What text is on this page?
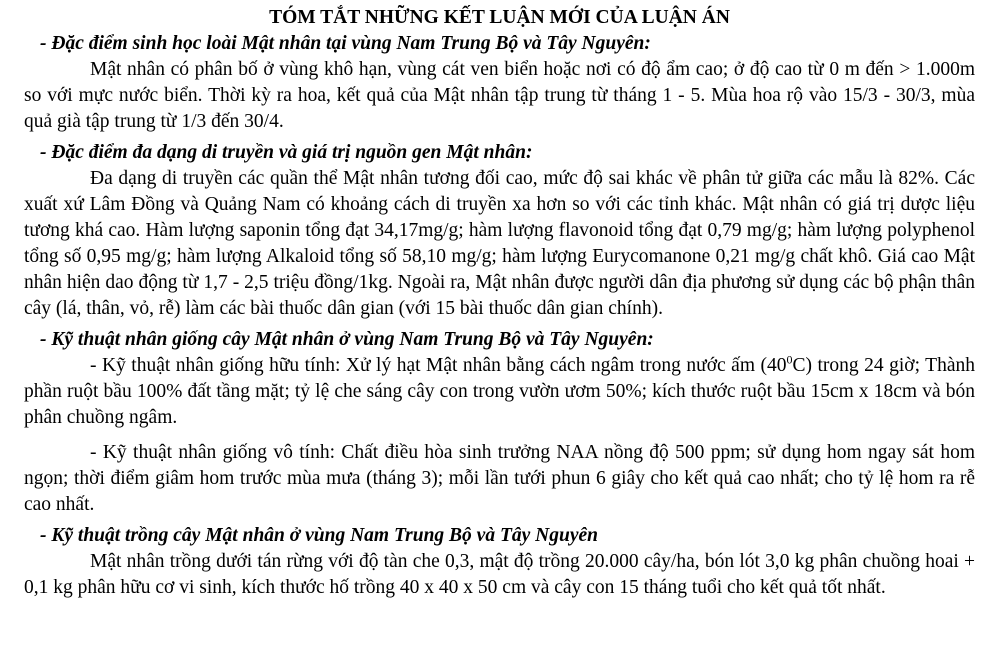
TÓM TẮT NHỮNG KẾT LUẬN MỚI CỦA LUẬN ÁN
- Đặc điểm sinh học loài Mật nhân tại vùng Nam Trung Bộ và Tây Nguyên:

Mật nhân có phân bố ở vùng khô hạn, vùng cát ven biển hoặc nơi có độ ẩm cao; ở độ cao từ 0 m đến > 1.000m so với mực nước biển. Thời kỳ ra hoa, kết quả của Mật nhân tập trung từ tháng 1 - 5. Mùa hoa rộ vào 15/3 - 30/3, mùa quả già tập trung từ 1/3 đến 30/4.

- Đặc điểm đa dạng di truyền và giá trị nguồn gen Mật nhân:

Đa dạng di truyền các quần thể Mật nhân tương đối cao, mức độ sai khác về phân tử giữa các mẫu là 82%. Các xuất xứ Lâm Đồng và Quảng Nam có khoảng cách di truyền xa hơn so với các tỉnh khác. Mật nhân có giá trị dược liệu tương khá cao. Hàm lượng saponin tổng đạt 34,17mg/g; hàm lượng flavonoid tổng đạt 0,79 mg/g; hàm lượng polyphenol tổng số 0,95 mg/g; hàm lượng Alkaloid tổng số 58,10 mg/g; hàm lượng Eurycomanone 0,21 mg/g chất khô. Giá cao Mật nhân hiện dao động từ 1,7 - 2,5 triệu đồng/1kg. Ngoài ra, Mật nhân được người dân địa phương sử dụng các bộ phận thân cây (lá, thân, vỏ, rễ) làm các bài thuốc dân gian (với 15 bài thuốc dân gian chính).

- Kỹ thuật nhân giống cây Mật nhân ở vùng Nam Trung Bộ và Tây Nguyên:

- Kỹ thuật nhân giống hữu tính: Xử lý hạt Mật nhân bằng cách ngâm trong nước ấm $(40^0C)$ trong 24 giờ; Thành phần ruột bầu 100% đất tầng mặt; tỷ lệ che sáng cây con trong vườn ươm 50%; kích thước ruột bầu 15cm x 18cm và bón phân chuồng ngâm.

- Kỹ thuật nhân giống vô tính: Chất điều hòa sinh trưởng NAA nồng độ 500 ppm; sử dụng hom ngay sát hom ngọn; thời điểm giâm hom trước mùa mưa (tháng 3); mỗi lần tưới phun 6 giây cho kết quả cao nhất; cho tỷ lệ hom ra rễ cao nhất.

- Kỹ thuật trồng cây Mật nhân ở vùng Nam Trung Bộ và Tây Nguyên

Mật nhân trồng dưới tán rừng với độ tàn che 0,3, mật độ trồng 20.000 cây/ha, bón lót 3,0 kg phân chuồng hoai + 0,1 kg phân hữu cơ vi sinh, kích thước hố trồng 40 x 40 x 50 cm và cây con 15 tháng tuổi cho kết quả tốt nhất.
